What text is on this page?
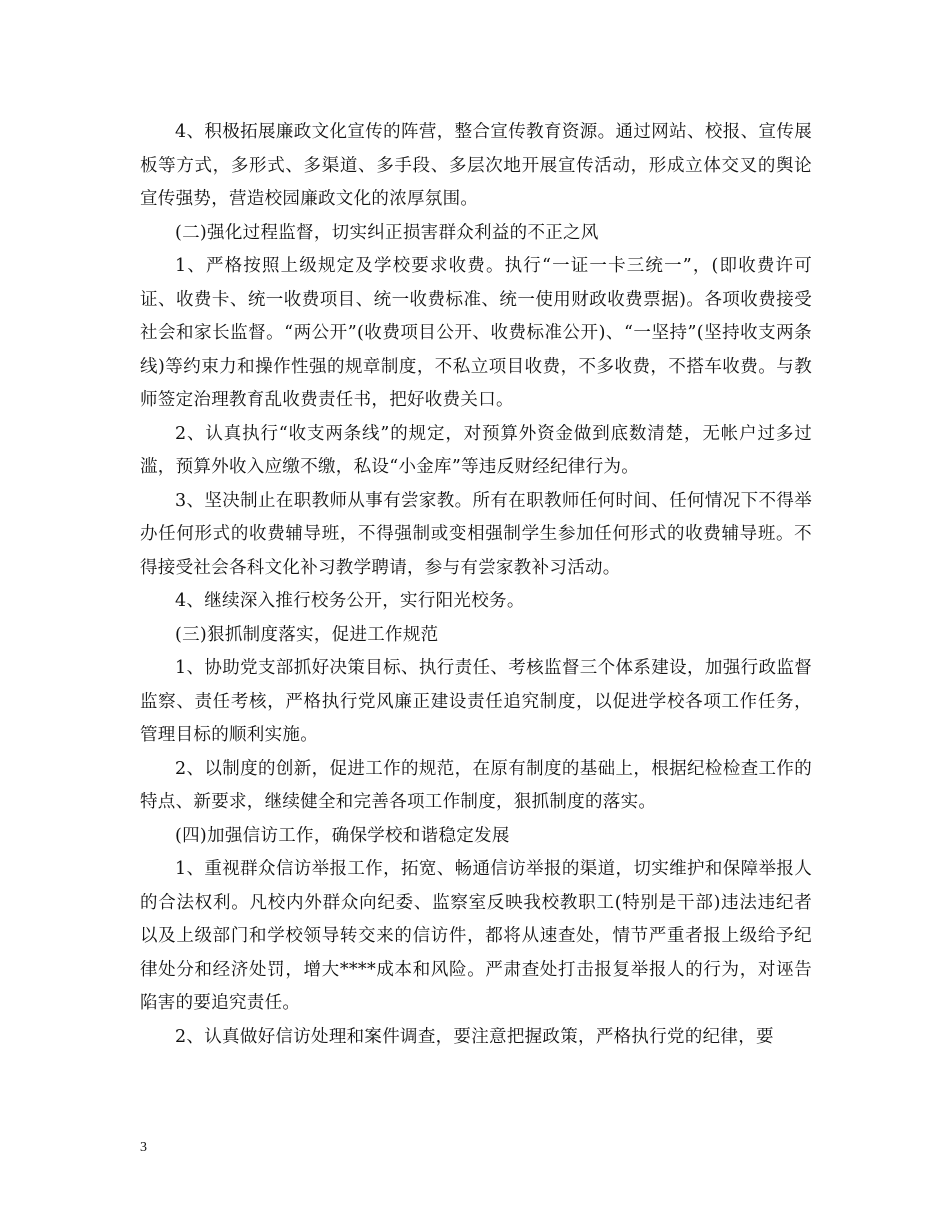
4、积极拓展廉政文化宣传的阵营，整合宣传教育资源。通过网站、校报、宣传展板等方式，多形式、多渠道、多手段、多层次地开展宣传活动，形成立体交叉的舆论宣传强势，营造校园廉政文化的浓厚氛围。

(二)强化过程监督，切实纠正损害群众利益的不正之风

1、严格按照上级规定及学校要求收费。执行“一证一卡三统一”，(即收费许可证、收费卡、统一收费项目、统一收费标准、统一使用财政收费票据)。各项收费接受社会和家长监督。“两公开”(收费项目公开、收费标准公开)、“一坚持”(坚持收支两条线)等约束力和操作性强的规章制度，不私立项目收费，不多收费，不搭车收费。与教师签定治理教育乱收费责任书，把好收费关口。

2、认真执行“收支两条线”的规定，对预算外资金做到底数清楚，无帐户过多过滥，预算外收入应缴不缴，私设“小金库”等违反财经纪律行为。

3、坚决制止在职教师从事有尝家教。所有在职教师任何时间、任何情况下不得举办任何形式的收费辅导班，不得强制或变相强制学生参加任何形式的收费辅导班。不得接受社会各科文化补习教学聘请，参与有尝家教补习活动。

4、继续深入推行校务公开，实行阳光校务。

(三)狠抓制度落实，促进工作规范

1、协助党支部抓好决策目标、执行责任、考核监督三个体系建设，加强行政监督监察、责任考核，严格执行党风廉正建设责任追究制度，以促进学校各项工作任务，管理目标的顺利实施。

2、以制度的创新，促进工作的规范，在原有制度的基础上，根据纪检检查工作的特点、新要求，继续健全和完善各项工作制度，狠抓制度的落实。

(四)加强信访工作，确保学校和谐稳定发展

1、重视群众信访举报工作，拓宽、畅通信访举报的渠道，切实维护和保障举报人的合法权利。凡校内外群众向纪委、监察室反映我校教职工(特别是干部)违法违纪者以及上级部门和学校领导转交来的信访件，都将从速查处，情节严重者报上级给予纪律处分和经济处罚，增大****成本和风险。严肃查处打击报复举报人的行为，对诬告陷害的要追究责任。

2、认真做好信访处理和案件调查，要注意把握政策，严格执行党的纪律，要

3
